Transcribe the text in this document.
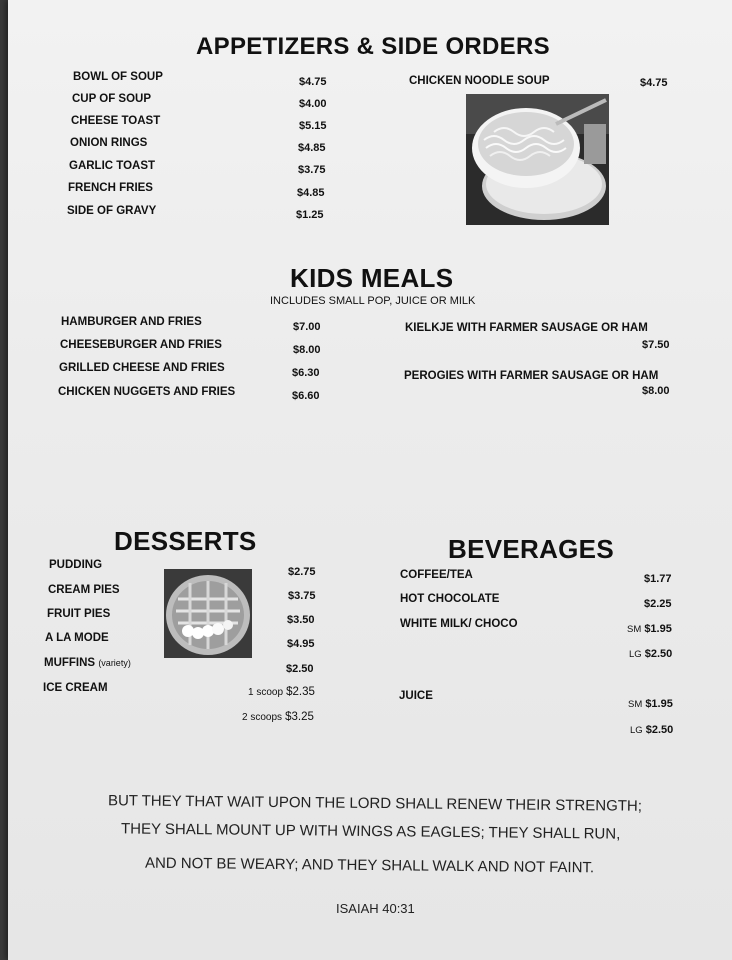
APPETIZERS & SIDE ORDERS
BOWL OF SOUP	$4.75
CUP OF SOUP	$4.00
CHEESE TOAST	$5.15
ONION RINGS	$4.85
GARLIC TOAST	$3.75
FRENCH FRIES	$4.85
SIDE OF GRAVY	$1.25
CHICKEN NOODLE SOUP	$4.75
KIDS MEALS
INCLUDES SMALL POP, JUICE OR MILK
HAMBURGER AND FRIES	$7.00
CHEESEBURGER AND FRIES	$8.00
GRILLED CHEESE AND FRIES	$6.30
CHICKEN NUGGETS AND FRIES	$6.60
KIELKJE WITH FARMER SAUSAGE OR HAM
$7.50
PEROGIES WITH FARMER SAUSAGE OR HAM
$8.00
DESSERTS
PUDDING
$2.75
CREAM PIES	$3.75
FRUIT PIES	$3.50
A LA MODE	$4.95
MUFFINS (variety)	$2.50
ICE CREAM	1 scoop $2.35
2 scoops $3.25
BEVERAGES
COFFEE/TEA	$1.77
HOT CHOCOLATE	$2.25
WHITE MILK/ CHOCO	SM $1.95
LG $2.50
JUICE
SM $1.95
LG $2.50
BUT THEY THAT WAIT UPON THE LORD SHALL RENEW THEIR STRENGTH;
THEY SHALL MOUNT UP WITH WINGS AS EAGLES; THEY SHALL RUN,
AND NOT BE WEARY; AND THEY SHALL WALK AND NOT FAINT.
ISAIAH 40:31
